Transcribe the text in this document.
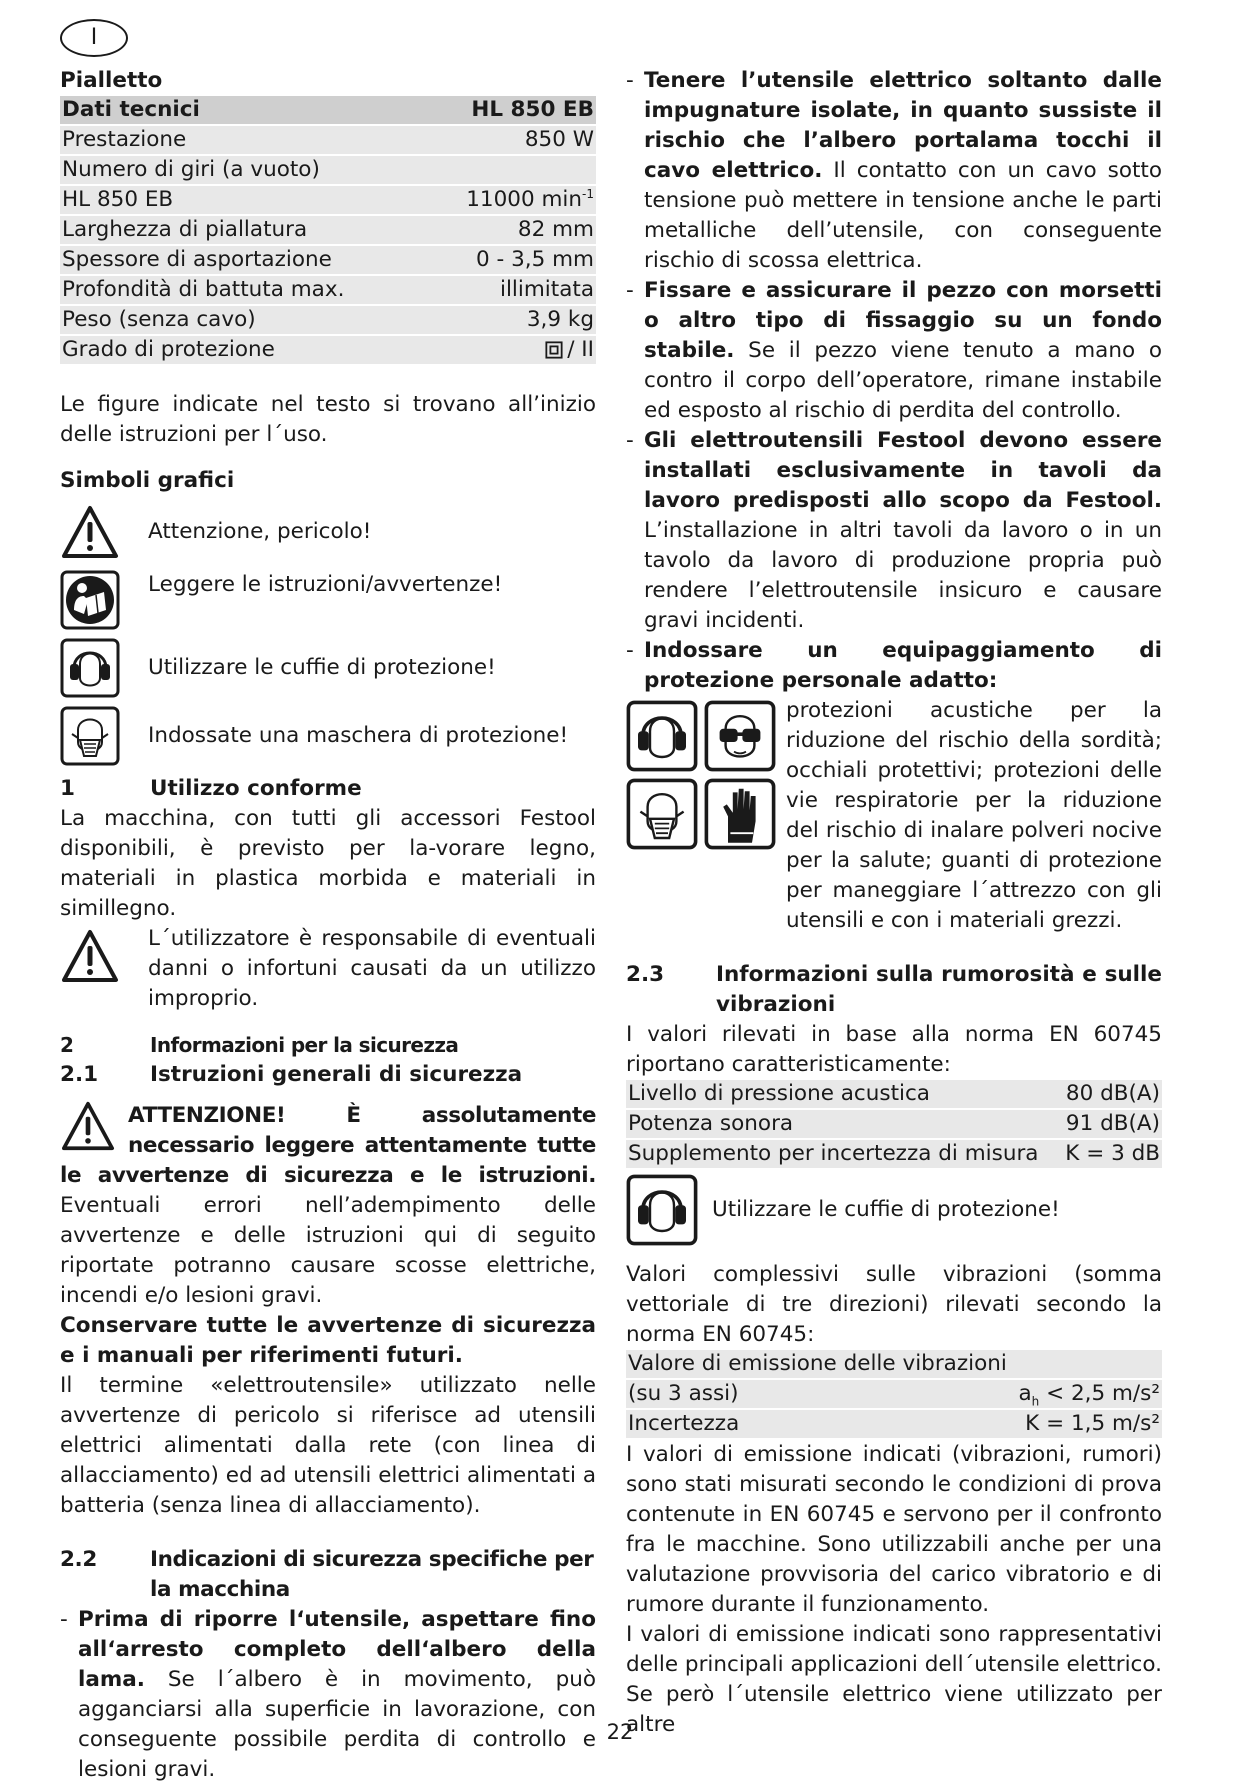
I

Pialletto

Dati tecnici	HL 850 EB
Prestazione	850 W
Numero di giri (a vuoto)	
HL 850 EB	11000 $\min^{-1}$
Larghezza di piallatura	82 mm
Spessore di asportazione	0 - 3,5 mm
Profondità di battuta max.	illimitata
Peso (senza cavo)	3,9 kg
Grado di protezione	/ II

Le figure indicate nel testo si trovano all’inizio delle istruzioni per l´uso.

Simboli grafici

Attenzione, pericolo!
Leggere le istruzioni/avvertenze!
Utilizzare le cuffie di protezione!
Indossate una maschera di protezione!
1	Utilizzo conforme

La macchina, con tutti gli accessori Festool disponibili, è previsto per la-vorare legno, materiali in plastica morbida e materiali in simillegno.

L´utilizzatore è responsabile di eventuali danni o infortuni causati da un utilizzo improprio.

2	Informazioni per la sicurezza
2.1	Istruzioni generali di sicurezza

ATTENZIONE! È assolutamente necessario leggere attentamente tutte le avvertenze di sicurezza e le istruzioni. Eventuali errori nell’adempimento delle avvertenze e delle istruzioni qui di seguito riportate potranno causare scosse elettriche, incendi e/o lesioni gravi.

Conservare tutte le avvertenze di sicurezza e i manuali per riferimenti futuri.

Il termine «elettroutensile» utilizzato nelle avvertenze di pericolo si riferisce ad utensili elettrici alimentati dalla rete (con linea di allacciamento) ed ad utensili elettrici alimentati a batteria (senza linea di allacciamento).

2.2	Indicazioni di sicurezza specifiche per la macchina

- Prima di riporre l‘utensile, aspettare fino all‘arresto completo dell‘albero della lama. Se l´albero è in movimento, può agganciarsi alla superficie in lavorazione, con conseguente possibile perdita di controllo e lesioni gravi.

- Tenere l’utensile elettrico soltanto dalle impugnature isolate, in quanto sussiste il rischio che l’albero portalama tocchi il cavo elettrico. Il contatto con un cavo sotto tensione può mettere in tensione anche le parti metalliche dell’utensile, con conseguente rischio di scossa elettrica.

- Fissare e assicurare il pezzo con morsetti o altro tipo di fissaggio su un fondo stabile. Se il pezzo viene tenuto a mano o contro il corpo dell’operatore, rimane instabile ed esposto al rischio di perdita del controllo.

- Gli elettroutensili Festool devono essere installati esclusivamente in tavoli da lavoro predisposti allo scopo da Festool. L’installazione in altri tavoli da lavoro o in un tavolo da lavoro di produzione propria può rendere l’elettroutensile insicuro e causare gravi incidenti.

- Indossare un equipaggiamento di protezione personale adatto:

protezioni acustiche per la riduzione del rischio della sordità; occhiali protettivi; protezioni delle vie respiratorie per la riduzione del rischio di inalare polveri nocive per la salute; guanti di protezione per maneggiare l´attrezzo con gli utensili e con i materiali grezzi.

2.3	Informazioni sulla rumorosità e sulle vibrazioni

I valori rilevati in base alla norma EN 60745 riportano caratteristicamente:

Livello di pressione acustica	80 dB(A)
Potenza sonora	91 dB(A)
Supplemento per incertezza di misura	K = 3 dB
Utilizzare le cuffie di protezione!

Valori complessivi sulle vibrazioni (somma vettoriale di tre direzioni) rilevati secondo la norma EN 60745:

Valore di emissione delle vibrazioni	
(su 3 assi)	$a_h < 2,5$ m/s²
Incertezza	K = 1,5 m/s²

I valori di emissione indicati (vibrazioni, rumori) sono stati misurati secondo le condizioni di prova contenute in EN 60745 e servono per il confronto fra le macchine. Sono utilizzabili anche per una valutazione provvisoria del carico vibratorio e di rumore durante il funzionamento.

I valori di emissione indicati sono rappresentativi delle principali applicazioni dell´utensile elettrico. Se però l´utensile elettrico viene utilizzato per altre

22
